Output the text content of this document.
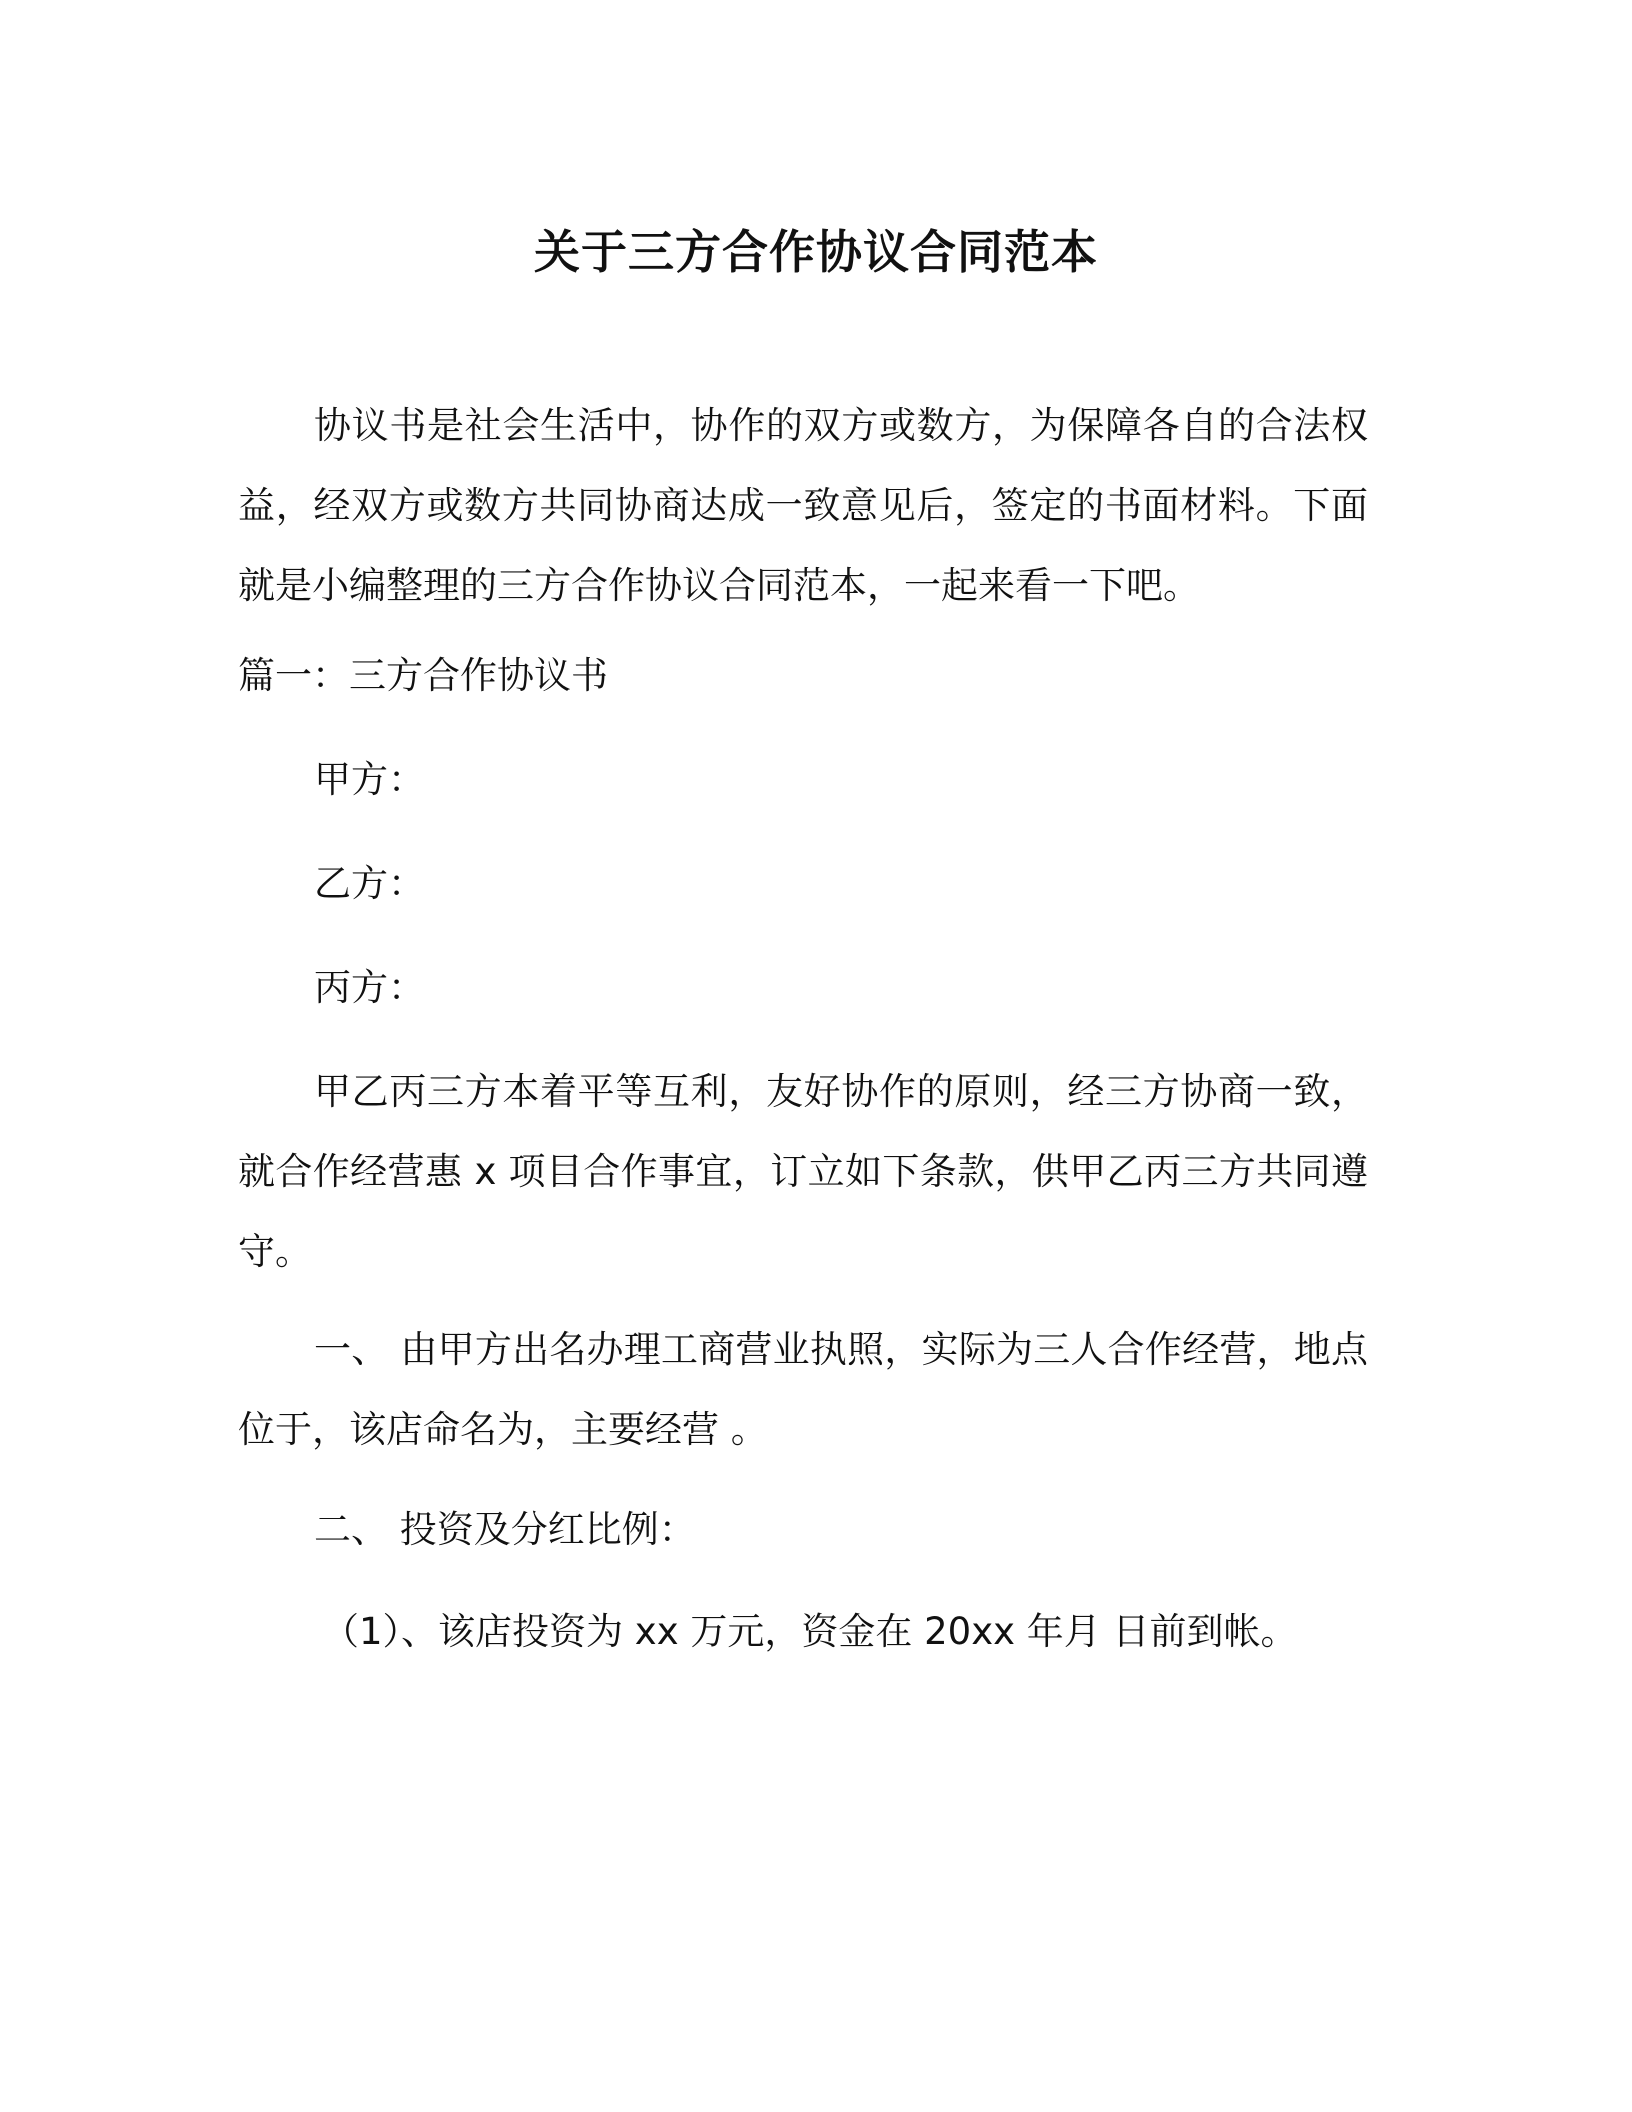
关于三方合作协议合同范本

协议书是社会生活中，协作的双方或数方，为保障各自的合法权益，经双方或数方共同协商达成一致意见后，签定的书面材料。下面就是小编整理的三方合作协议合同范本，一起来看一下吧。

篇一：三方合作协议书

甲方：

乙方：

丙方：

甲乙丙三方本着平等互利，友好协作的原则，经三方协商一致，就合作经营惠 x 项目合作事宜，订立如下条款，供甲乙丙三方共同遵守。

一、 由甲方出名办理工商营业执照，实际为三人合作经营，地点位于，该店命名为，主要经营 。

二、 投资及分红比例：

（1）、该店投资为 xx 万元，资金在 20xx 年月 日前到帐。
